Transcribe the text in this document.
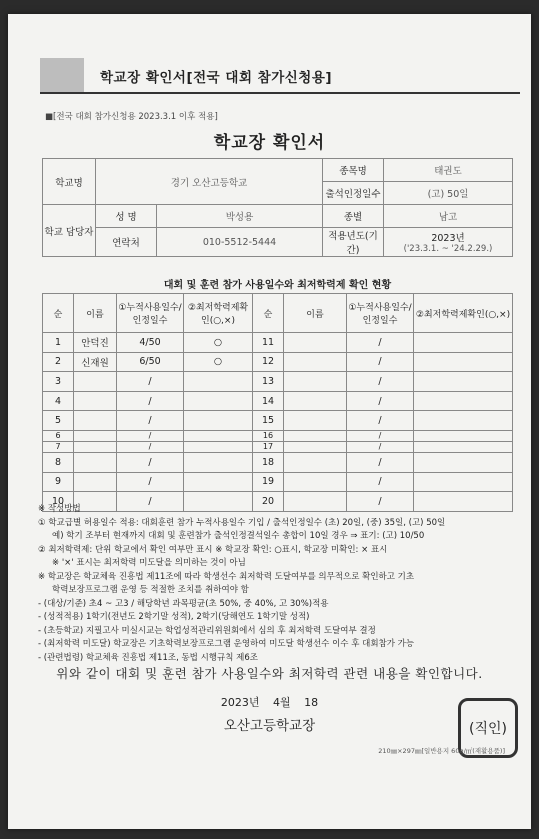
학교장 확인서[전국 대회 참가신청용]
■[전국 대회 참가신청용 2023.3.1 이후 적용]
학교장 확인서
학교명	경기 오산고등학교		종목명	태권도
			출석인정일수	(고) 50일
학교 담당자	성 명	박성용	종별	남고
	연락처	010-5512-5444	적용년도(기간)	2023년
('23.3.1. ~ '24.2.29.)
대회 및 훈련 참가 사용일수와 최저학력제 확인 현황
순	이름	①누적사용일수/인정일수	②최저학력제확인(○,×)	순	이름	①누적사용일수/인정일수	②최저학력제확인(○,×)
1	안덕진	4/50	○	11		/	
2	신재원	6/50	○	12		/	
3		/		13		/	
4		/		14		/	
5		/		15		/	
6		/		16		/	
7		/		17		/	
8		/		18		/	
9		/		19		/	
10		/		20		/	
※ 작성방법
① 학교급별 허용일수 적용: 대회훈련 참가 누적사용일수 기입 / 출석인정일수 (초) 20일, (중) 35일, (고) 50일
예) 학기 조부터 현재까지 대회 및 훈련참가 출석인정결석일수 총합이 10일 경우 ⇒ 표기: (고) 10/50
② 최저학력제: 단위 학교에서 확인 여부만 표시 ※ 학교장 확인: ○표시, 학교장 미확인: × 표시
※ '×' 표시는 최저학력 미도달을 의미하는 것이 아님
※ 학교장은 학교체육 진흥법 제11조에 따라 학생선수 최저학력 도달여부를 의무적으로 확인하고 기초
학력보장프로그램 운영 등 적절한 조치를 취하여야 함
- (대상/기준) 초4 ~ 고3 / 해당학년 과목평균(초 50%, 중 40%, 고 30%)적용
- (성적적용) 1학기(전년도 2학기말 성적), 2학기(당해연도 1학기말 성적)
- (초등학교) 지필고사 미실시교는 학업성적관리위원회에서 심의 후 최저학력 도달여부 결정
- (최저학력 미도달) 학교장은 기초학력보장프로그램 운영하여 미도달 학생선수 이수 후 대회참가 가능
- (관련법령) 학교체육 진흥법 제11조, 동법 시행규칙 제6조
위와 같이 대회 및 훈련 참가 사용일수와 최저학력 관련 내용을 확인합니다.
2023년 4월 18
오산고등학교장	(직인)
210㎜×297㎜[일반용지 60g/㎡(재활용품)]
